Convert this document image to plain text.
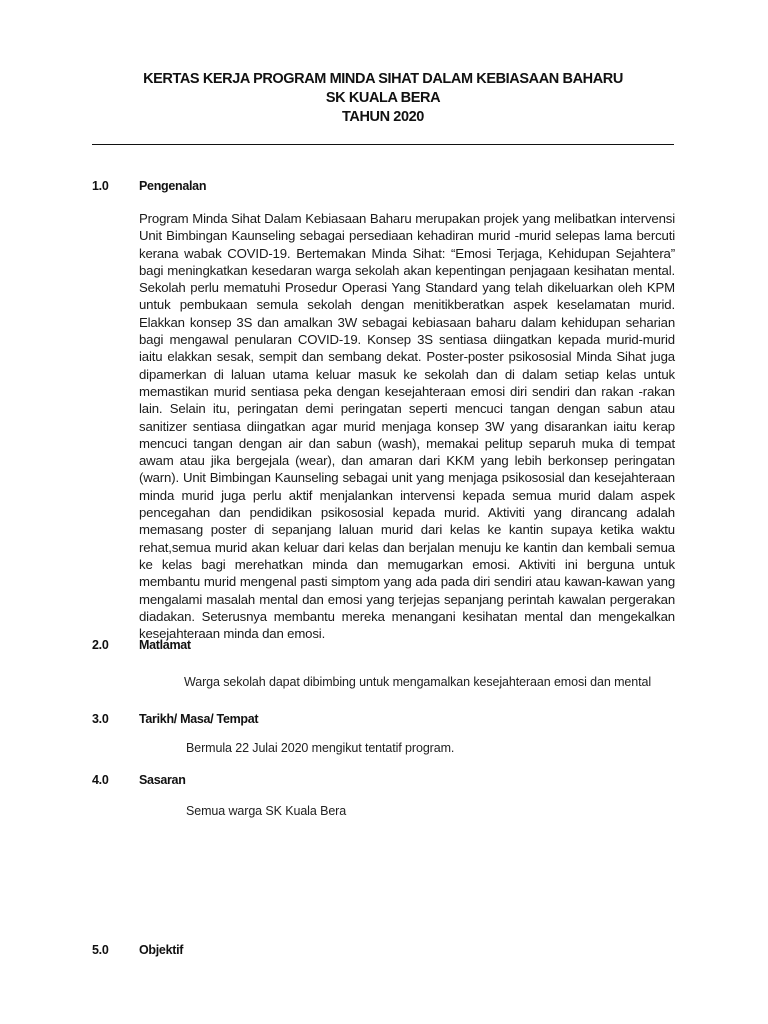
KERTAS KERJA PROGRAM MINDA SIHAT DALAM KEBIASAAN BAHARU
SK KUALA BERA
TAHUN 2020
1.0 Pengenalan

Program Minda Sihat Dalam Kebiasaan Baharu merupakan projek yang melibatkan intervensi Unit Bimbingan Kaunseling sebagai persediaan kehadiran murid -murid selepas lama bercuti kerana wabak COVID-19. Bertemakan Minda Sihat: “Emosi Terjaga, Kehidupan Sejahtera” bagi meningkatkan kesedaran warga sekolah akan kepentingan penjagaan kesihatan mental. Sekolah perlu mematuhi Prosedur Operasi Yang Standard yang telah dikeluarkan oleh KPM untuk pembukaan semula sekolah dengan menitikberatkan aspek keselamatan murid. Elakkan konsep 3S dan amalkan 3W sebagai kebiasaan baharu dalam kehidupan seharian bagi mengawal penularan COVID-19. Konsep 3S sentiasa diingatkan kepada murid-murid iaitu elakkan sesak, sempit dan sembang dekat. Poster-poster psikososial Minda Sihat juga dipamerkan di laluan utama keluar masuk ke sekolah dan di dalam setiap kelas untuk memastikan murid sentiasa peka dengan kesejahteraan emosi diri sendiri dan rakan -rakan lain. Selain itu, peringatan demi peringatan seperti mencuci tangan dengan sabun atau sanitizer sentiasa diingatkan agar murid menjaga konsep 3W yang disarankan iaitu kerap mencuci tangan dengan air dan sabun (wash), memakai pelitup separuh muka di tempat awam atau jika bergejala (wear), dan amaran dari KKM yang lebih berkonsep peringatan (warn). Unit Bimbingan Kaunseling sebagai unit yang menjaga psikososial dan kesejahteraan minda murid juga perlu aktif menjalankan intervensi kepada semua murid dalam aspek pencegahan dan pendidikan psikososial kepada murid. Aktiviti yang dirancang adalah memasang poster di sepanjang laluan murid dari kelas ke kantin supaya ketika waktu rehat,semua murid akan keluar dari kelas dan berjalan menuju ke kantin dan kembali semua ke kelas bagi merehatkan minda dan memugarkan emosi. Aktiviti ini berguna untuk membantu murid mengenal pasti simptom yang ada pada diri sendiri atau kawan-kawan yang mengalami masalah mental dan emosi yang terjejas sepanjang perintah kawalan pergerakan diadakan. Seterusnya membantu mereka menangani kesihatan mental dan mengekalkan kesejahteraan minda dan emosi.

2.0 Matlamat
Warga sekolah dapat dibimbing untuk mengamalkan kesejahteraan emosi dan mental
3.0 Tarikh/ Masa/ Tempat
Bermula 22 Julai 2020 mengikut tentatif program.
4.0 Sasaran
Semua warga SK Kuala Bera
5.0 Objektif
